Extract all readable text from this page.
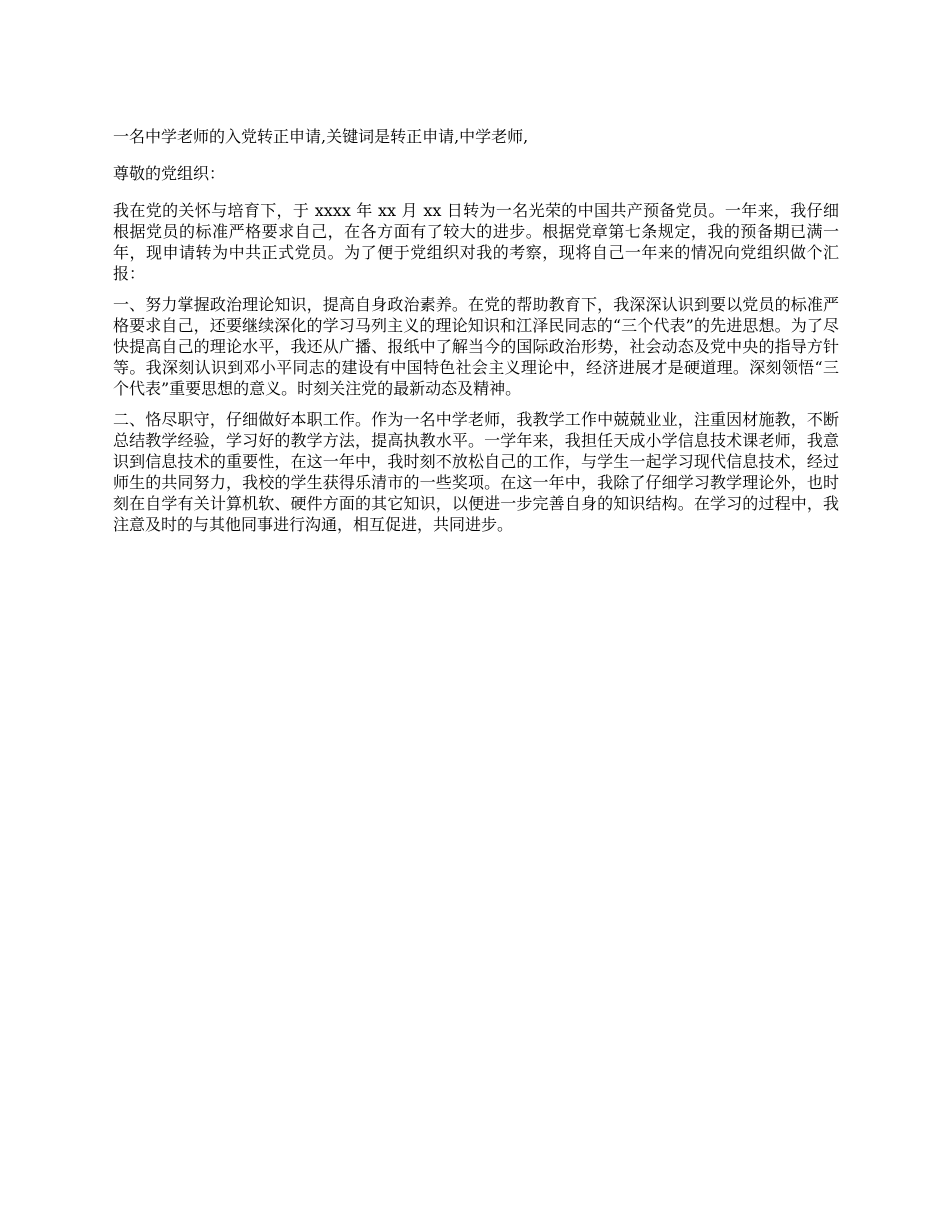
一名中学老师的入党转正申请,关键词是转正申请,中学老师,

尊敬的党组织：

我在党的关怀与培育下，于 xxxx 年 xx 月 xx 日转为一名光荣的中国共产预备党员。一年来，我仔细根据党员的标准严格要求自己，在各方面有了较大的进步。根据党章第七条规定，我的预备期已满一年，现申请转为中共正式党员。为了便于党组织对我的考察，现将自己一年来的情况向党组织做个汇报：

一、努力掌握政治理论知识，提高自身政治素养。在党的帮助教育下，我深深认识到要以党员的标准严格要求自己，还要继续深化的学习马列主义的理论知识和江泽民同志的“三个代表”的先进思想。为了尽快提高自己的理论水平，我还从广播、报纸中了解当今的国际政治形势，社会动态及党中央的指导方针等。我深刻认识到邓小平同志的建设有中国特色社会主义理论中，经济进展才是硬道理。深刻领悟“三个代表”重要思想的意义。时刻关注党的最新动态及精神。

二、恪尽职守，仔细做好本职工作。作为一名中学老师，我教学工作中兢兢业业，注重因材施教，不断总结教学经验，学习好的教学方法，提高执教水平。一学年来，我担任天成小学信息技术课老师，我意识到信息技术的重要性，在这一年中，我时刻不放松自己的工作，与学生一起学习现代信息技术，经过师生的共同努力，我校的学生获得乐清市的一些奖项。在这一年中，我除了仔细学习教学理论外，也时刻在自学有关计算机软、硬件方面的其它知识，以便进一步完善自身的知识结构。在学习的过程中，我注意及时的与其他同事进行沟通，相互促进，共同进步。
